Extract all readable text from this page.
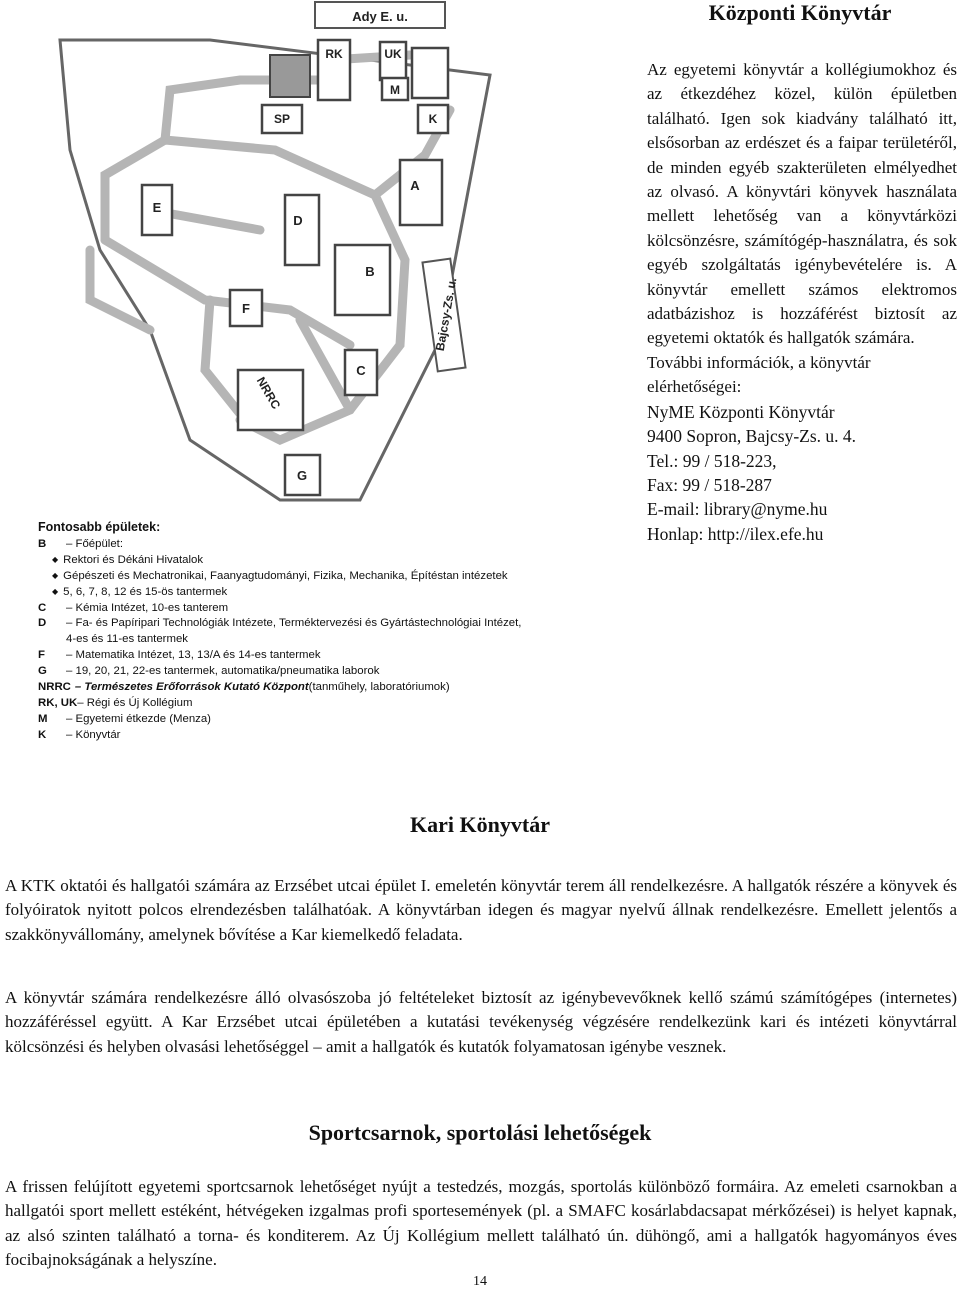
Ady E. u.
RK	UK
M
SP	K
A
E
D
B
F
C
NRRC
G
Bajcsy-Zs. u.
Fontosabb épületek:
B	– Főépület:
◆ Rektori és Dékáni Hivatalok
◆ Gépészeti és Mechatronikai, Faanyagtudományi, Fizika, Mechanika, Építéstan intézetek
◆ 5, 6, 7, 8, 12 és 15-ös tantermek
C	– Kémia Intézet, 10-es tanterem
D	– Fa- és Papíripari Technológiák Intézete, Terméktervezési és Gyártástechnológiai Intézet,
4-es és 11-es tantermek
F	– Matematika Intézet, 13, 13/A és 14-es tantermek
G	– 19, 20, 21, 22-es tantermek, automatika/pneumatika laborok
NRRC – Természetes Erőforrások Kutató Központ (tanműhely, laboratóriumok)
RK, UK – Régi és Új Kollégium
M	– Egyetemi étkezde (Menza)
K	– Könyvtár
Központi Könyvtár

Az egyetemi könyvtár a kollégiumokhoz és az étkezdéhez közel, külön épületben található. Igen sok kiadvány található itt, elsősorban az erdészet és a faipar területéről, de minden egyéb szakterületen elmélyedhet az olvasó. A könyvtári könyvek használata mellett lehetőség van a könyvtárközi kölcsönzésre, számítógép-használatra, és sok egyéb szolgáltatás igénybevételére is. A könyvtár emellett számos elektromos adatbázishoz is hozzáférést biztosít az egyetemi oktatók és hallgatók számára.

További információk, a könyvtár elérhetőségei:

NyME Központi Könyvtár
9400 Sopron, Bajcsy-Zs. u. 4.
Tel.: 99 / 518-223,
Fax: 99 / 518-287
E-mail: library@nyme.hu
Honlap: http://ilex.efe.hu
Kari Könyvtár

A KTK oktatói és hallgatói számára az Erzsébet utcai épület I. emeletén könyvtár terem áll rendelkezésre. A hallgatók részére a könyvek és folyóiratok nyitott polcos elrendezésben találhatóak. A könyvtárban idegen és magyar nyelvű állnak rendelkezésre. Emellett jelentős a szakkönyvállomány, amelynek bővítése a Kar kiemelkedő feladata.

A könyvtár számára rendelkezésre álló olvasószoba jó feltételeket biztosít az igénybevevőknek kellő számú számítógépes (internetes) hozzáféréssel együtt. A Kar Erzsébet utcai épületében a kutatási tevékenység végzésére rendelkezünk kari és intézeti könyvtárral kölcsönzési és helyben olvasási lehetőséggel – amit a hallgatók és kutatók folyamatosan igénybe vesznek.

Sportcsarnok, sportolási lehetőségek

A frissen felújított egyetemi sportcsarnok lehetőséget nyújt a testedzés, mozgás, sportolás különböző formáira. Az emeleti csarnokban a hallgatói sport mellett estéként, hétvégeken izgalmas profi sportesemények (pl. a SMAFC kosárlabdacsapat mérkőzései) is helyet kapnak, az alsó szinten található a torna- és konditerem. Az Új Kollégium mellett található ún. dühöngő, ami a hallgatók hagyományos éves focibajnokságának a helyszíne.

14
